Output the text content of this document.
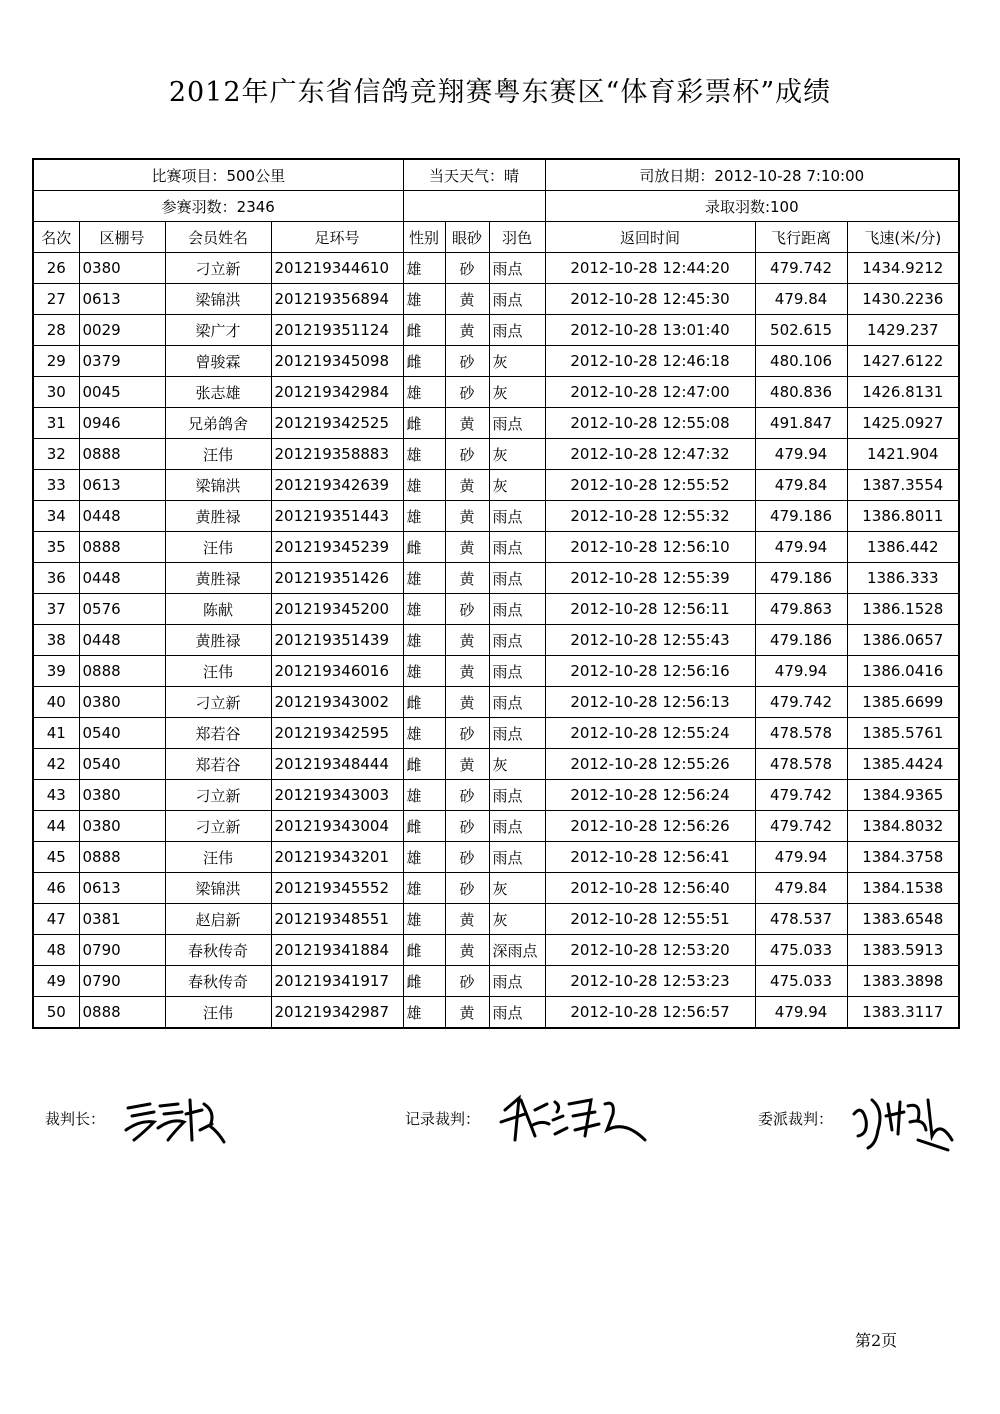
2012年广东省信鸽竞翔赛粤东赛区“体育彩票杯”成绩
比赛项目：500公里				当天天气：晴			司放日期：2012-10-28 7:10:00		
参赛羽数：2346							录取羽数:100		
名次	区棚号	会员姓名	足环号	性别	眼砂	羽色	返回时间	飞行距离	飞速(米/分)
26	0380	刁立新	201219344610	雄	砂	雨点	2012-10-28 12:44:20	479.742	1434.9212
27	0613	梁锦洪	201219356894	雄	黄	雨点	2012-10-28 12:45:30	479.84	1430.2236
28	0029	梁广才	201219351124	雌	黄	雨点	2012-10-28 13:01:40	502.615	1429.237
29	0379	曾骏霖	201219345098	雌	砂	灰	2012-10-28 12:46:18	480.106	1427.6122
30	0045	张志雄	201219342984	雄	砂	灰	2012-10-28 12:47:00	480.836	1426.8131
31	0946	兄弟鸽舍	201219342525	雌	黄	雨点	2012-10-28 12:55:08	491.847	1425.0927
32	0888	汪伟	201219358883	雄	砂	灰	2012-10-28 12:47:32	479.94	1421.904
33	0613	梁锦洪	201219342639	雄	黄	灰	2012-10-28 12:55:52	479.84	1387.3554
34	0448	黄胜禄	201219351443	雄	黄	雨点	2012-10-28 12:55:32	479.186	1386.8011
35	0888	汪伟	201219345239	雌	黄	雨点	2012-10-28 12:56:10	479.94	1386.442
36	0448	黄胜禄	201219351426	雄	黄	雨点	2012-10-28 12:55:39	479.186	1386.333
37	0576	陈献	201219345200	雄	砂	雨点	2012-10-28 12:56:11	479.863	1386.1528
38	0448	黄胜禄	201219351439	雄	黄	雨点	2012-10-28 12:55:43	479.186	1386.0657
39	0888	汪伟	201219346016	雄	黄	雨点	2012-10-28 12:56:16	479.94	1386.0416
40	0380	刁立新	201219343002	雌	黄	雨点	2012-10-28 12:56:13	479.742	1385.6699
41	0540	郑若谷	201219342595	雄	砂	雨点	2012-10-28 12:55:24	478.578	1385.5761
42	0540	郑若谷	201219348444	雌	黄	灰	2012-10-28 12:55:26	478.578	1385.4424
43	0380	刁立新	201219343003	雄	砂	雨点	2012-10-28 12:56:24	479.742	1384.9365
44	0380	刁立新	201219343004	雌	砂	雨点	2012-10-28 12:56:26	479.742	1384.8032
45	0888	汪伟	201219343201	雄	砂	雨点	2012-10-28 12:56:41	479.94	1384.3758
46	0613	梁锦洪	201219345552	雄	砂	灰	2012-10-28 12:56:40	479.84	1384.1538
47	0381	赵启新	201219348551	雄	黄	灰	2012-10-28 12:55:51	478.537	1383.6548
48	0790	春秋传奇	201219341884	雌	黄	深雨点	2012-10-28 12:53:20	475.033	1383.5913
49	0790	春秋传奇	201219341917	雌	砂	雨点	2012-10-28 12:53:23	475.033	1383.3898
50	0888	汪伟	201219342987	雄	黄	雨点	2012-10-28 12:56:57	479.94	1383.3117
裁判长：	记录裁判：	委派裁判：
第2页
